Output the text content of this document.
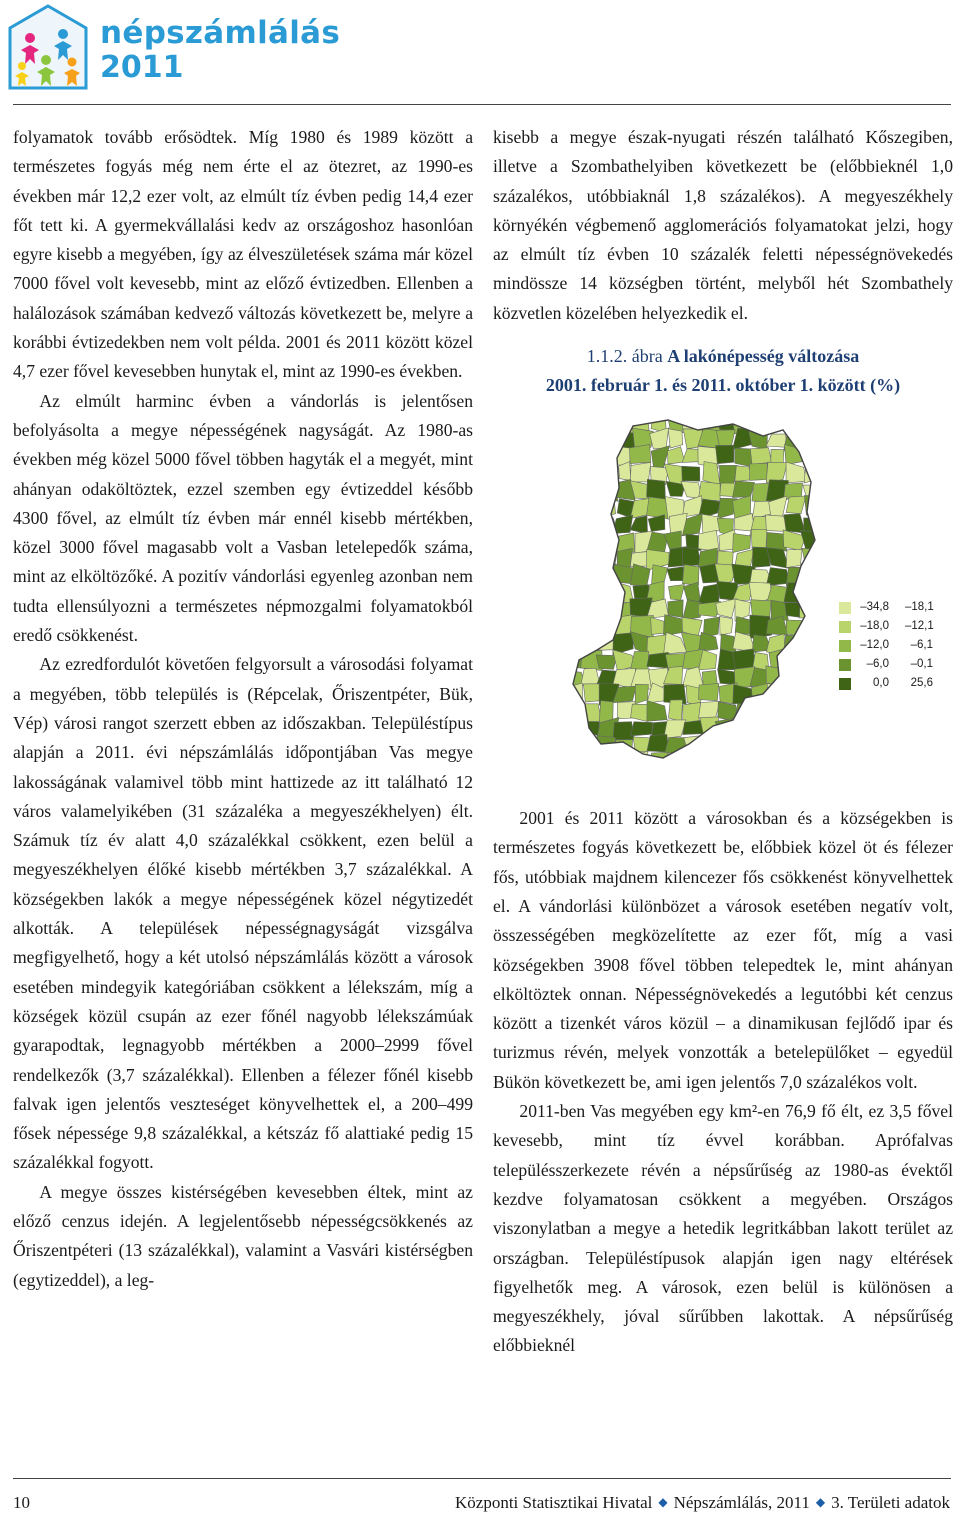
népszámlálás
2011

folyamatok tovább erősödtek. Míg 1980 és 1989 között a természetes fogyás még nem érte el az ötezret, az 1990-es években már 12,2 ezer volt, az elmúlt tíz évben pedig 14,4 ezer főt tett ki. A gyermekvállalási kedv az országoshoz hasonlóan egyre kisebb a megyében, így az élveszületések száma már közel 7000 fővel volt kevesebb, mint az előző évtizedben. Ellenben a halálozások számában kedvező változás következett be, melyre a korábbi évtizedekben nem volt példa. 2001 és 2011 között közel 4,7 ezer fővel kevesebben hunytak el, mint az 1990-es években.

Az elmúlt harminc évben a vándorlás is jelentősen befolyásolta a megye népességének nagyságát. Az 1980-as években még közel 5000 fővel többen hagyták el a megyét, mint ahányan odaköltöztek, ezzel szemben egy évtizeddel később 4300 fővel, az elmúlt tíz évben már ennél kisebb mértékben, közel 3000 fővel magasabb volt a Vasban letelepedők száma, mint az elköltözőké. A pozitív vándorlási egyenleg azonban nem tudta ellensúlyozni a természetes népmozgalmi folyamatokból eredő csökkenést.

Az ezredfordulót követően felgyorsult a városodási folyamat a megyében, több település is (Répcelak, Őriszentpéter, Bük, Vép) városi rangot szerzett ebben az időszakban. Településtípus alapján a 2011. évi népszámlálás időpontjában Vas megye lakosságának valamivel több mint hattizede az itt található 12 város valamelyikében (31 százaléka a megyeszékhelyen) élt. Számuk tíz év alatt 4,0 százalékkal csökkent, ezen belül a megyeszékhelyen élőké kisebb mértékben 3,7 százalékkal. A községekben lakók a megye népességének közel négytizedét alkották. A települések népességnagyságát vizsgálva megfigyelhető, hogy a két utolsó népszámlálás között a városok esetében mindegyik kategóriában csökkent a lélekszám, míg a községek közül csupán az ezer főnél nagyobb lélekszámúak gyarapodtak, legnagyobb mértékben a 2000–2999 fővel rendelkezők (3,7 százalékkal). Ellenben a félezer főnél kisebb falvak igen jelentős veszteséget könyvelhettek el, a 200–499 fősek népessége 9,8 százalékkal, a kétszáz fő alattiaké pedig 15 százalékkal fogyott.

A megye összes kistérségében kevesebben éltek, mint az előző cenzus idején. A legjelentősebb népességcsökkenés az Őriszentpéteri (13 százalékkal), valamint a Vasvári kistérségben (egytizeddel), a leg-

kisebb a megye észak-nyugati részén található Kőszegiben, illetve a Szombathelyiben következett be (előbbieknél 1,0 százalékos, utóbbiaknál 1,8 százalékos). A megyeszékhely környékén végbemenő agglomerációs folyamatokat jelzi, hogy az elmúlt tíz évben 10 százalék feletti népességnövekedés mindössze 14 községben történt, melyből hét Szombathely közvetlen közelében helyezkedik el.

1.1.2. ábra A lakónépesség változása
2001. február 1. és 2011. október 1. között (%)
–34,8 –18,1
–18,0 –12,1
–12,0	–6,1
–6,0	–0,1
0,0	25,6

2001 és 2011 között a városokban és a községekben is természetes fogyás következett be, előbbiek közel öt és félezer fős, utóbbiak majdnem kilencezer fős csökkenést könyvelhettek el. A vándorlási különbözet a városok esetében negatív volt, összességében megközelítette az ezer főt, míg a vasi községekben 3908 fővel többen telepedtek le, mint ahányan elköltöztek onnan. Népességnövekedés a legutóbbi két cenzus között a tizenkét város közül – a dinamikusan fejlődő ipar és turizmus révén, melyek vonzották a betelepülőket – egyedül Bükön következett be, ami igen jelentős 7,0 százalékos volt.

2011-ben Vas megyében egy km²-en 76,9 fő élt, ez 3,5 fővel kevesebb, mint tíz évvel korábban. Aprófalvas településszerkezete révén a népsűrűség az 1980-as évektől kezdve folyamatosan csökkent a megyében. Országos viszonylatban a megye a hetedik legritkábban lakott terület az országban. Településtípusok alapján igen nagy eltérések figyelhetők meg. A városok, ezen belül is különösen a megyeszékhely, jóval sűrűbben lakottak. A népsűrűség előbbieknél

10	Központi Statisztikai Hivatal ◆ Népszámlálás, 2011 ◆ 3. Területi adatok
